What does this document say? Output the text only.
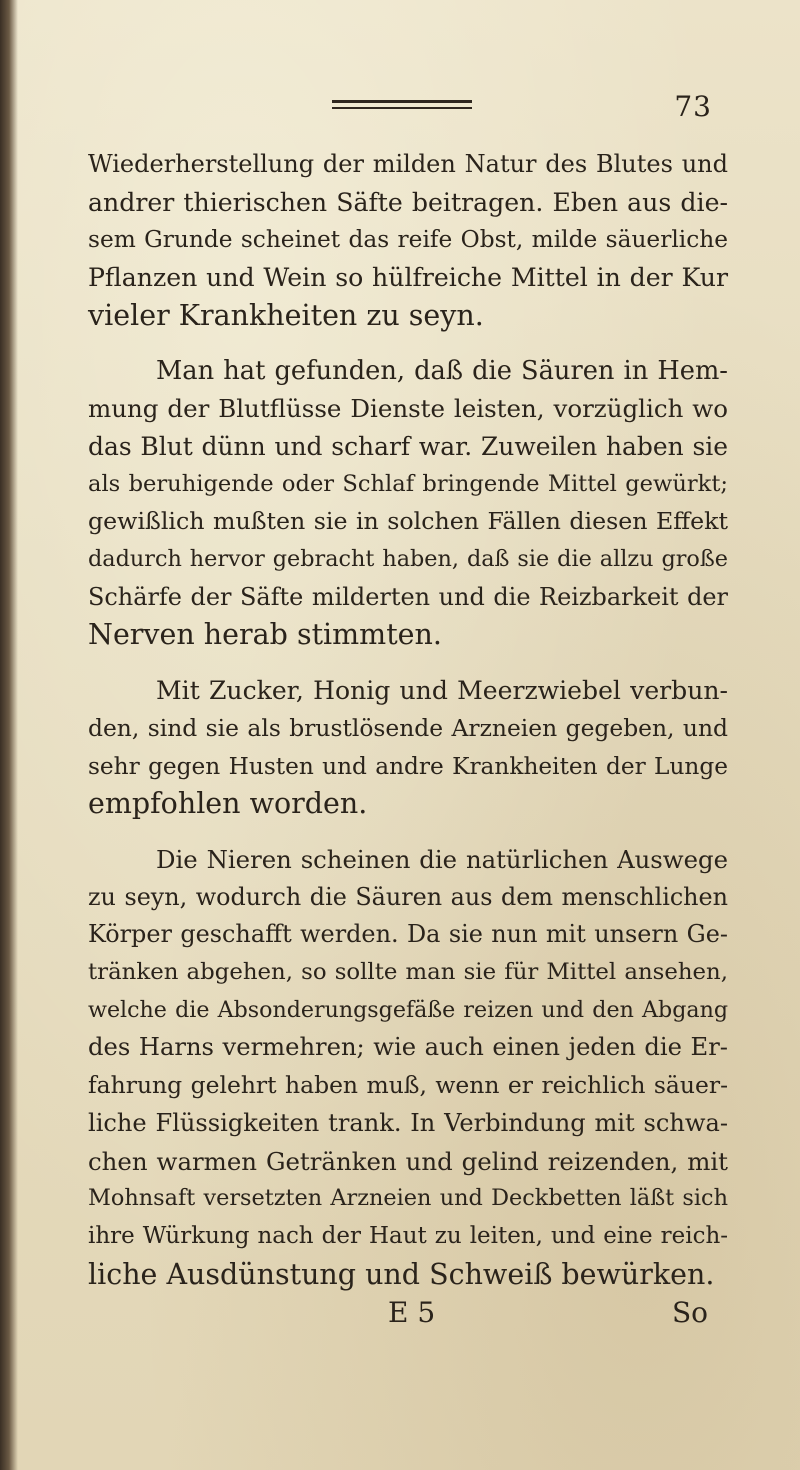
73

Wiederherstellung der milden Natur des Blutes und
andrer thierischen Säfte beitragen. Eben aus die-
sem Grunde scheinet das reife Obst, milde säuerliche
Pflanzen und Wein so hülfreiche Mittel in der Kur
vieler Krankheiten zu seyn.

Man hat gefunden, daß die Säuren in Hem-
mung der Blutflüsse Dienste leisten, vorzüglich wo
das Blut dünn und scharf war. Zuweilen haben sie
als beruhigende oder Schlaf bringende Mittel gewürkt;
gewißlich mußten sie in solchen Fällen diesen Effekt
dadurch hervor gebracht haben, daß sie die allzu große
Schärfe der Säfte milderten und die Reizbarkeit der
Nerven herab stimmten.

Mit Zucker, Honig und Meerzwiebel verbun-
den, sind sie als brustlösende Arzneien gegeben, und
sehr gegen Husten und andre Krankheiten der Lunge
empfohlen worden.

Die Nieren scheinen die natürlichen Auswege
zu seyn, wodurch die Säuren aus dem menschlichen
Körper geschafft werden. Da sie nun mit unsern Ge-
tränken abgehen, so sollte man sie für Mittel ansehen,
welche die Absonderungsgefäße reizen und den Abgang
des Harns vermehren; wie auch einen jeden die Er-
fahrung gelehrt haben muß, wenn er reichlich säuer-
liche Flüssigkeiten trank. In Verbindung mit schwa-
chen warmen Getränken und gelind reizenden, mit
Mohnsaft versetzten Arzneien und Deckbetten läßt sich
ihre Würkung nach der Haut zu leiten, und eine reich-
liche Ausdünstung und Schweiß bewürken.

E 5	So
